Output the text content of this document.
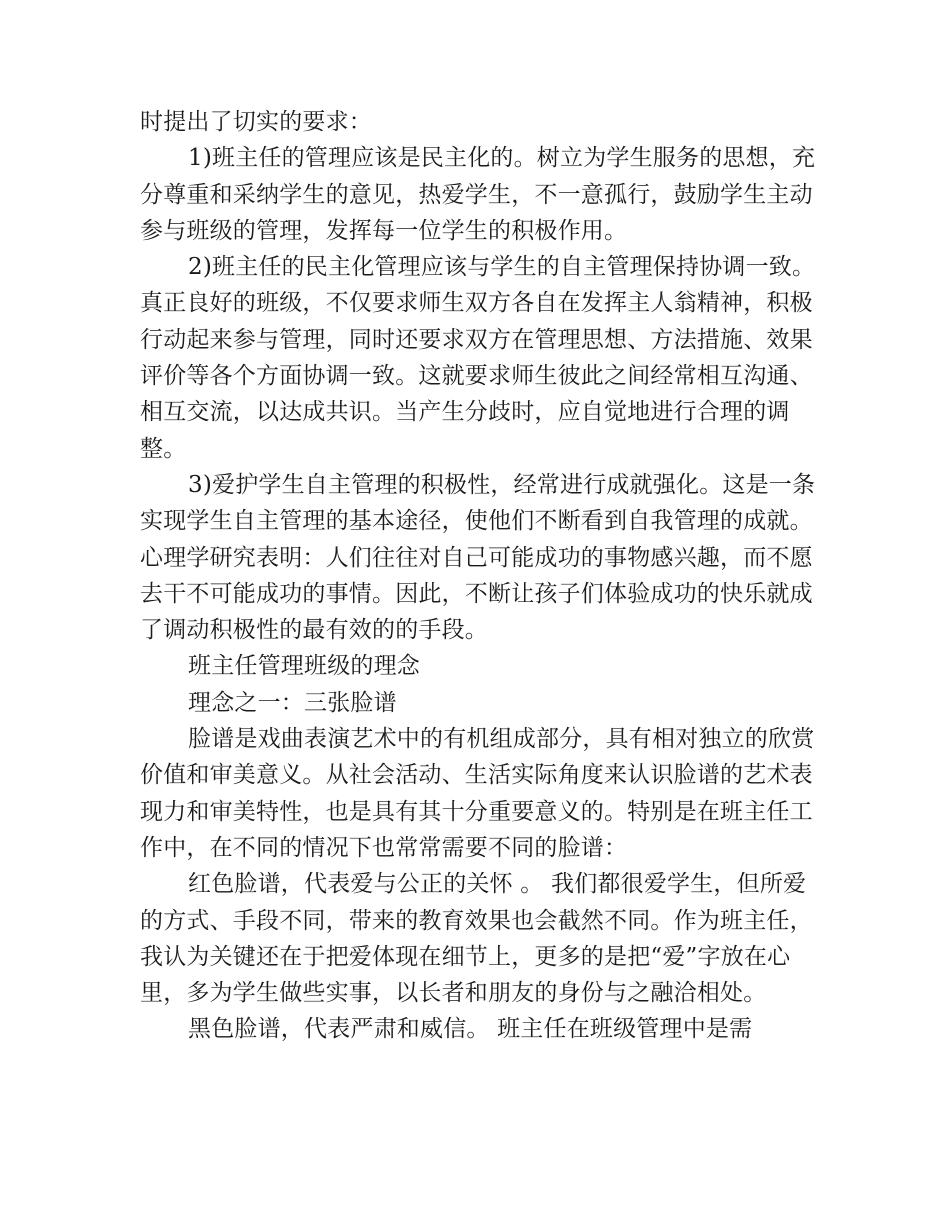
时提出了切实的要求：

1)班主任的管理应该是民主化的。树立为学生服务的思想，充分尊重和采纳学生的意见，热爱学生，不一意孤行，鼓励学生主动参与班级的管理，发挥每一位学生的积极作用。

2)班主任的民主化管理应该与学生的自主管理保持协调一致。真正良好的班级，不仅要求师生双方各自在发挥主人翁精神，积极行动起来参与管理，同时还要求双方在管理思想、方法措施、效果评价等各个方面协调一致。这就要求师生彼此之间经常相互沟通、相互交流，以达成共识。当产生分歧时，应自觉地进行合理的调整。

3)爱护学生自主管理的积极性，经常进行成就强化。这是一条实现学生自主管理的基本途径，使他们不断看到自我管理的成就。心理学研究表明：人们往往对自己可能成功的事物感兴趣，而不愿去干不可能成功的事情。因此，不断让孩子们体验成功的快乐就成了调动积极性的最有效的的手段。

班主任管理班级的理念

理念之一：三张脸谱

脸谱是戏曲表演艺术中的有机组成部分，具有相对独立的欣赏价值和审美意义。从社会活动、生活实际角度来认识脸谱的艺术表现力和审美特性，也是具有其十分重要意义的。特别是在班主任工作中，在不同的情况下也常常需要不同的脸谱：

红色脸谱，代表爱与公正的关怀 。 我们都很爱学生，但所爱的方式、手段不同，带来的教育效果也会截然不同。作为班主任，我认为关键还在于把爱体现在细节上，更多的是把“爱”字放在心里，多为学生做些实事，以长者和朋友的身份与之融洽相处。

黑色脸谱，代表严肃和威信。 班主任在班级管理中是需
